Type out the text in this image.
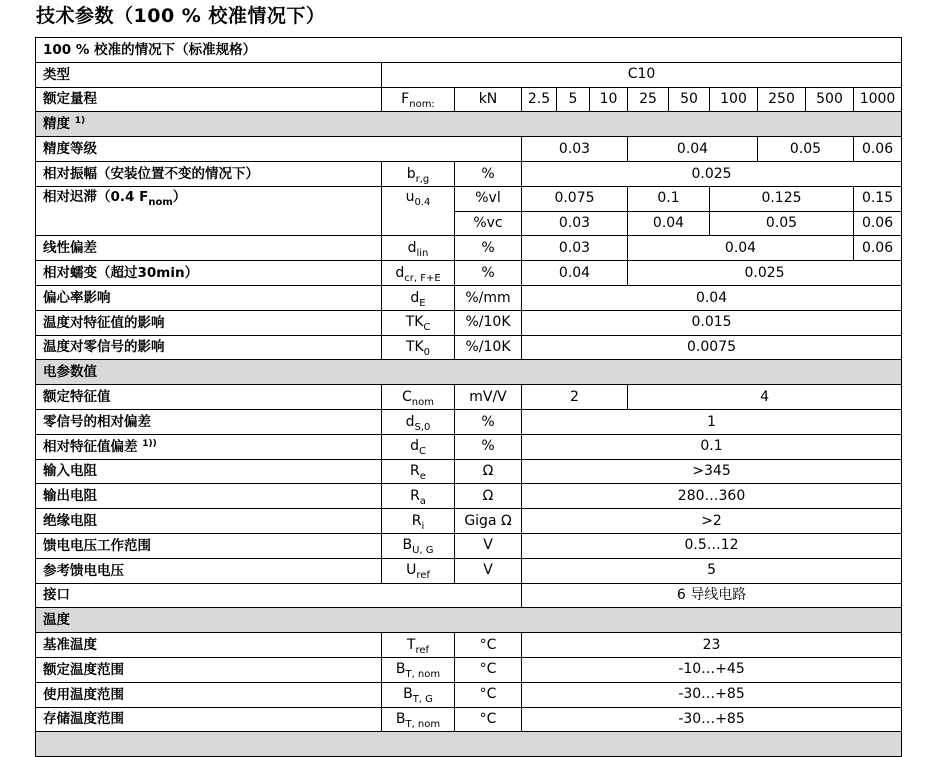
技术参数（100 % 校准情况下）
100 % 校准的情况下（标准规格）											
类型	C10										
额定量程	$F_{nom:}$	kN	2.5	5	10	25	50	100	250	500	1000
精度 $^{1)}$
精度等级			0.03			0.04			0.05		0.06
相对振幅（安装位置不变的情况下）	$b_{r,g}$	%	0.025								
相对迟滞（0.4 $F_{nom}$）	$u_{0.4}$	%vl	0.075			0.1		0.125			0.15
		%vc	0.03			0.04		0.05			0.06
线性偏差	$d_{lin}$	%	0.03			0.04					0.06
相对蠕变（超过30min）	$d_{cr, F+E}$	%	0.04			0.025					
偏心率影响	$d_E$	%/mm	0.04								
温度对特征值的影响	$TK_C$	%/10K	0.015								
温度对零信号的影响	$TK_0$	%/10K	0.0075								
电参数值											
额定特征值	$C_{nom}$	mV/V	2			4					
零信号的相对偏差	$d_{S,0}$	%	1								
相对特征值偏差 $^{1))}$	$d_C$	%	0.1								
输入电阻	$R_e$	Ω	>345								
输出电阻	$R_a$	Ω	280…360								
绝缘电阻	$R_i$	Giga Ω	>2								
馈电电压工作范围	$B_{U, G}$	V	0.5…12								
参考馈电电压	$U_{ref}$	V	5								
接口			6 导线电路								
温度											
基准温度	$T_{ref}$	°C	23								
额定温度范围	$B_{T, nom}$	°C	-10…+45								
使用温度范围	$B_{T, G}$	°C	-30…+85								
存储温度范围	$B_{T, nom}$	°C	-30…+85								
